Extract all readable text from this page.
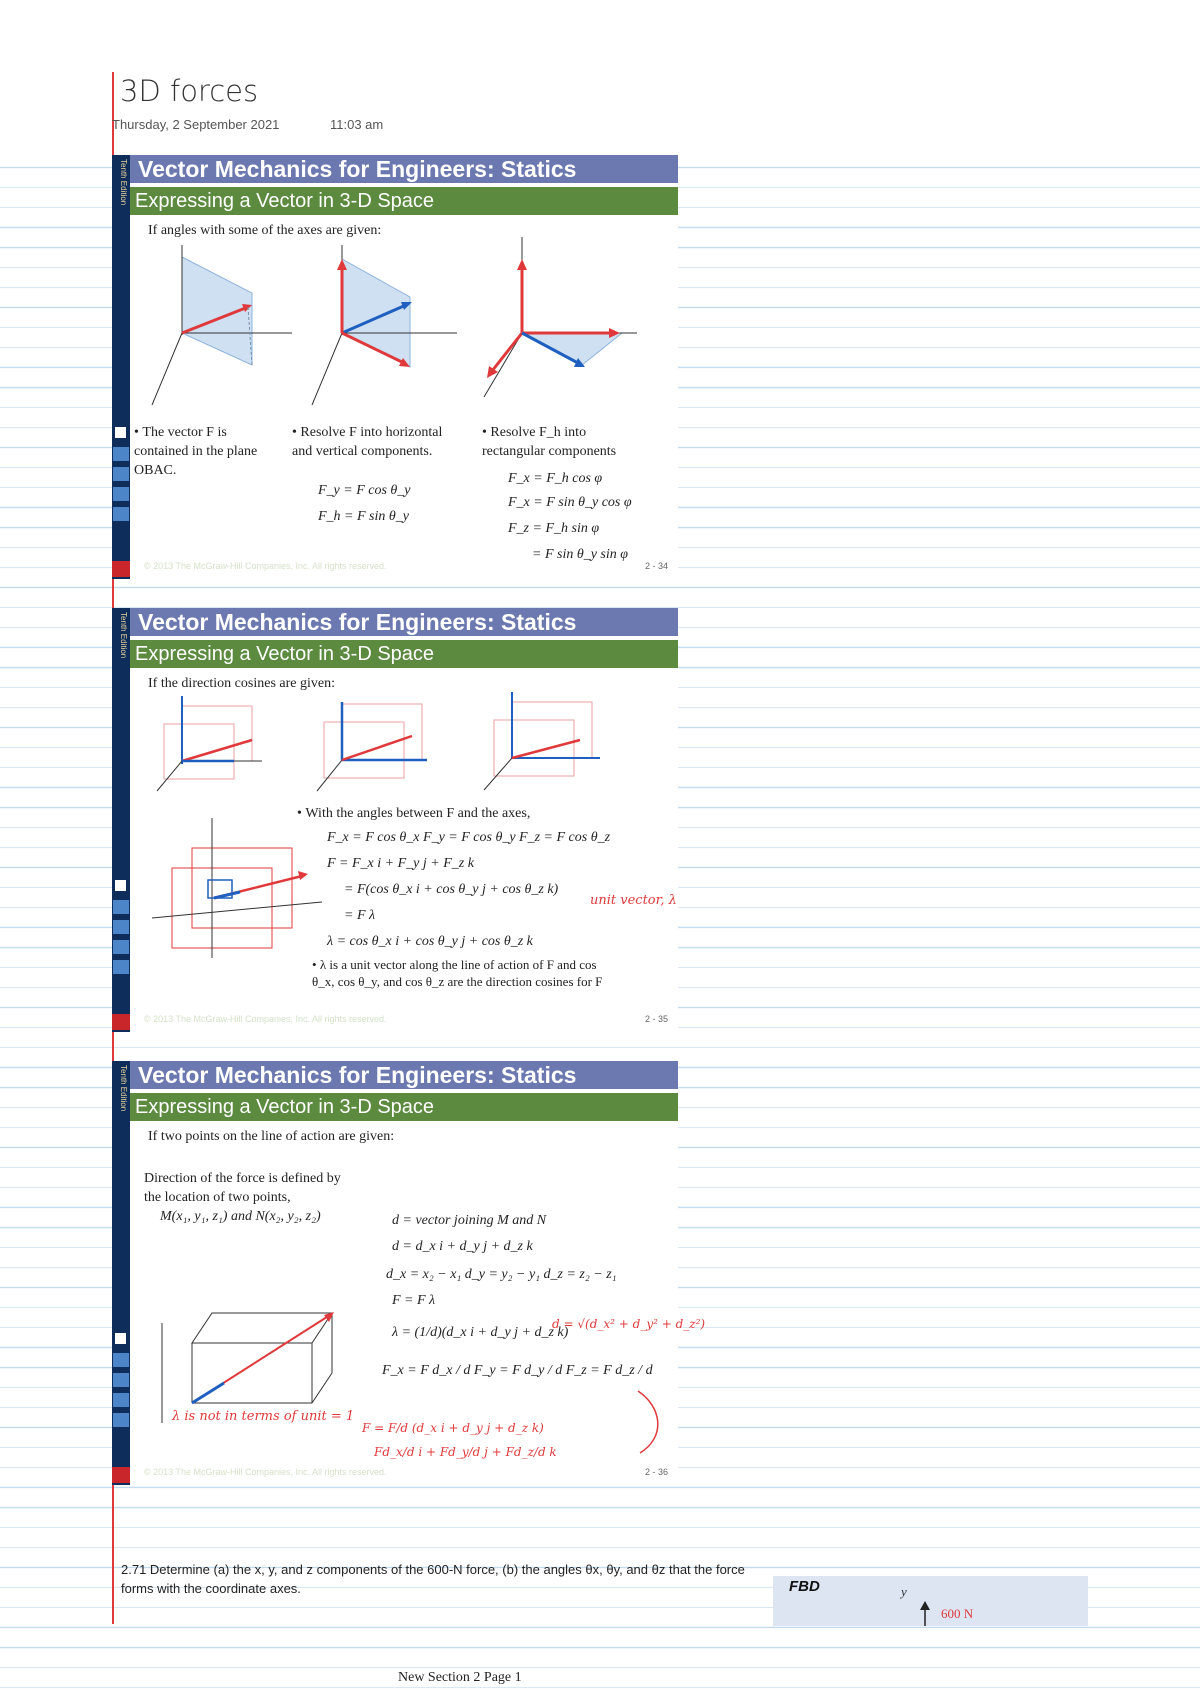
3D forces
Thursday, 2 September 2021	11:03 am
Tenth Edition Vector Mechanics for Engineers: Statics
Expressing a Vector in 3-D Space
If angles with some of the axes are given:
• The vector F is contained in the plane OBAC.
• Resolve F into horizontal and vertical components.
F_y = F cos θ_y
F_h = F sin θ_y
• Resolve F_h into rectangular components
F_x = F_h cos φ
F_x = F sin θ_y cos φ
F_z = F_h sin φ
= F sin θ_y sin φ
© 2013 The McGraw-Hill Companies, Inc. All rights reserved.	2 - 34
Tenth Edition Vector Mechanics for Engineers: Statics
Expressing a Vector in 3-D Space
If the direction cosines are given:
• With the angles between F and the axes,
F_x = F cos θ_x F_y = F cos θ_y F_z = F cos θ_z
F = F_x i + F_y j + F_z k
= F(cos θ_x i + cos θ_y j + cos θ_z k)
= F λ
λ = cos θ_x i + cos θ_y j + cos θ_z k
• λ is a unit vector along the line of action of F and cos θ_x, cos θ_y, and cos θ_z are the direction cosines for F
unit vector, λ
© 2013 The McGraw-Hill Companies, Inc. All rights reserved.	2 - 35
Tenth Edition Vector Mechanics for Engineers: Statics
Expressing a Vector in 3-D Space
If two points on the line of action are given:
Direction of the force is defined by
the location of two points,
M(x₁, y₁, z₁) and N(x₂, y₂, z₂)	d = vector joining M and N
d = d_x i + d_y j + d_z k
d_x = x₂ − x₁ d_y = y₂ − y₁ d_z = z₂ − z₁
F = F λ
λ = (1/d)(d_x i + d_y j + d_z k)
F_x = F d_x / d F_y = F d_y / d F_z = F d_z / d
d = √(d_x² + d_y² + d_z²)
λ is not in terms of unit = 1
F = F/d (d_x i + d_y j + d_z k)
Fd_x/d i + Fd_y/d j + Fd_z/d k
© 2013 The McGraw-Hill Companies, Inc. All rights reserved.	2 - 36
2.71 Determine (a) the x, y, and z components of the 600-N force, (b) the angles θx, θy, and θz that the force forms with the coordinate axes.	FBD	y
600 N
New Section 2 Page 1
